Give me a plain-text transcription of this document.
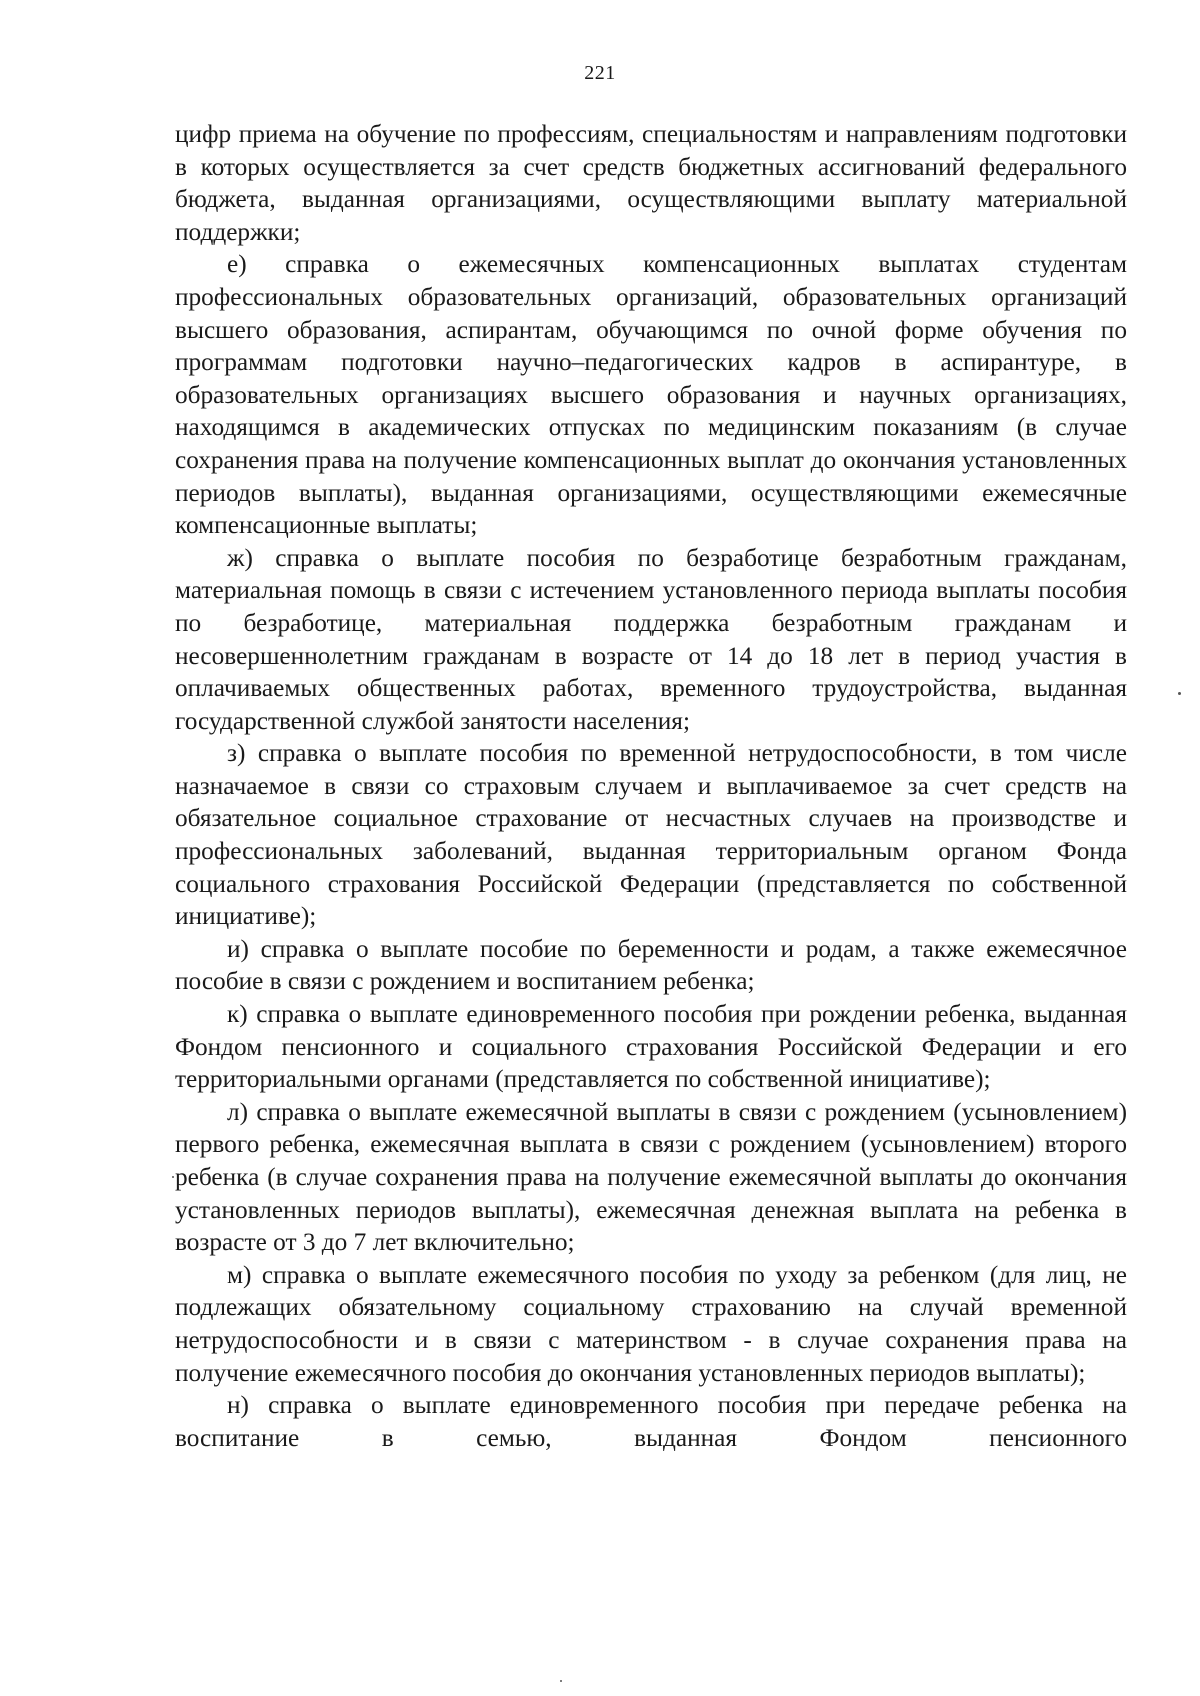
221

цифр приема на обучение по профессиям, специальностям и направлениям подготовки в которых осуществляется за счет средств бюджетных ассигнований федерального бюджета, выданная организациями, осуществляющими выплату материальной поддержки;

е) справка о ежемесячных компенсационных выплатах студентам профессиональных образовательных организаций, образовательных организаций высшего образования, аспирантам, обучающимся по очной форме обучения по программам подготовки научно–педагогических кадров в аспирантуре, в образовательных организациях высшего образования и научных организациях, находящимся в академических отпусках по медицинским показаниям (в случае сохранения права на получение компенсационных выплат до окончания установленных периодов выплаты), выданная организациями, осуществляющими ежемесячные компенсационные выплаты;

ж) справка о выплате пособия по безработице безработным гражданам, материальная помощь в связи с истечением установленного периода выплаты пособия по безработице, материальная поддержка безработным гражданам и несовершеннолетним гражданам в возрасте от 14 до 18 лет в период участия в оплачиваемых общественных работах, временного трудоустройства, выданная государственной службой занятости населения;

з) справка о выплате пособия по временной нетрудоспособности, в том числе назначаемое в связи со страховым случаем и выплачиваемое за счет средств на обязательное социальное страхование от несчастных случаев на производстве и профессиональных заболеваний, выданная территориальным органом Фонда социального страхования Российской Федерации (представляется по собственной инициативе);

и) справка о выплате пособие по беременности и родам, а также ежемесячное пособие в связи с рождением и воспитанием ребенка;

к) справка о выплате единовременного пособия при рождении ребенка, выданная Фондом пенсионного и социального страхования Российской Федерации и его территориальными органами (представляется по собственной инициативе);

л) справка о выплате ежемесячной выплаты в связи с рождением (усыновлением) первого ребенка, ежемесячная выплата в связи с рождением (усыновлением) второго ребенка (в случае сохранения права на получение ежемесячной выплаты до окончания установленных периодов выплаты), ежемесячная денежная выплата на ребенка в возрасте от 3 до 7 лет включительно;

м) справка о выплате ежемесячного пособия по уходу за ребенком (для лиц, не подлежащих обязательному социальному страхованию на случай временной нетрудоспособности и в связи с материнством - в случае сохранения права на получение ежемесячного пособия до окончания установленных периодов выплаты);

н) справка о выплате единовременного пособия при передаче ребенка на воспитание в семью, выданная Фондом пенсионного
